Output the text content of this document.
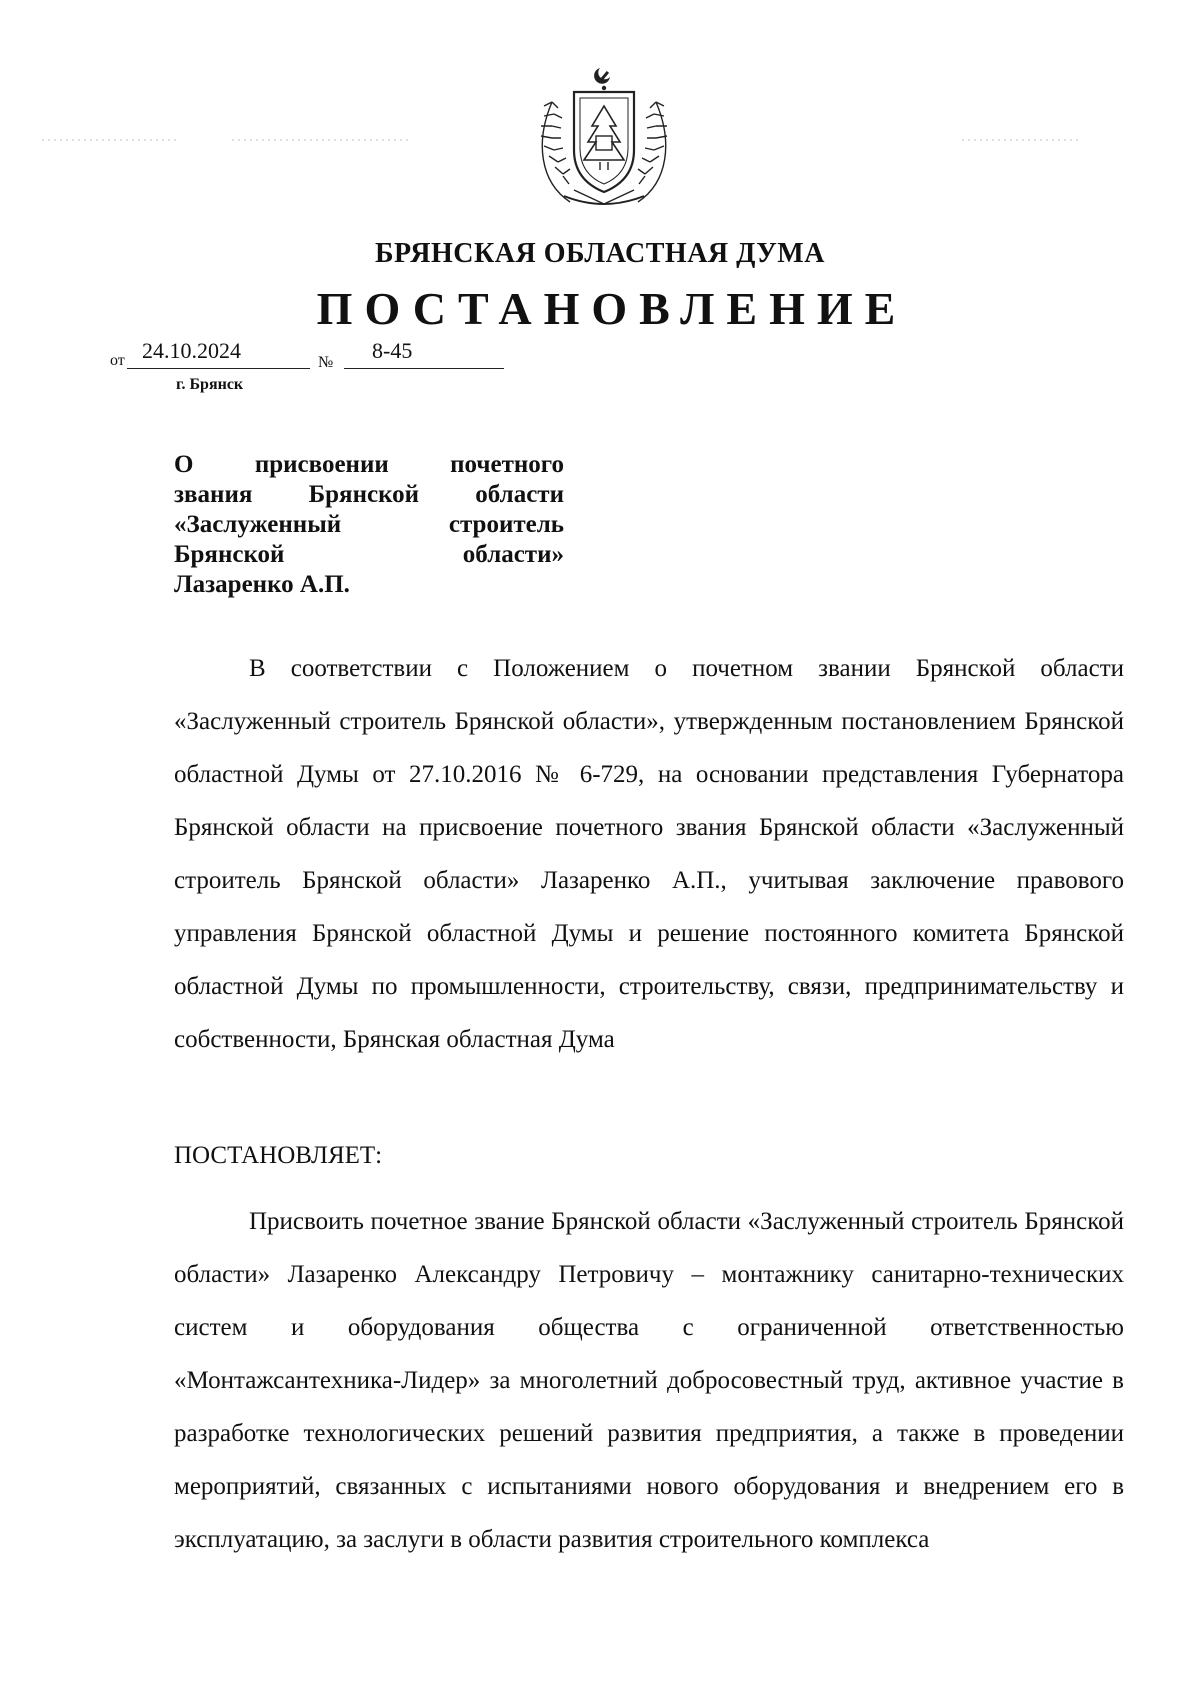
БРЯНСКАЯ ОБЛАСТНАЯ ДУМА
ПОСТАНОВЛЕНИЕ
от 24.10.2024	№ 8-45
г. Брянск
О присвоении почетного
звания Брянской области
«Заслуженный строитель
Брянской области»
Лазаренко А.П.

В соответствии с Положением о почетном звании Брянской области «Заслуженный строитель Брянской области», утвержденным постановлением Брянской областной Думы от 27.10.2016 № 6-729, на основании представления Губернатора Брянской области на присвоение почетного звания Брянской области «Заслуженный строитель Брянской области» Лазаренко А.П., учитывая заключение правового управления Брянской областной Думы и решение постоянного комитета Брянской областной Думы по промышленности, строительству, связи, предпринимательству и собственности, Брянская областная Дума

ПОСТАНОВЛЯЕТ:

Присвоить почетное звание Брянской области «Заслуженный строитель Брянской области» Лазаренко Александру Петровичу – монтажнику санитарно-технических систем и оборудования общества с ограниченной ответственностью «Монтажсантехника-Лидер» за многолетний добросовестный труд, активное участие в разработке технологических решений развития предприятия, а также в проведении мероприятий, связанных с испытаниями нового оборудования и внедрением его в эксплуатацию, за заслуги в области развития строительного комплекса
